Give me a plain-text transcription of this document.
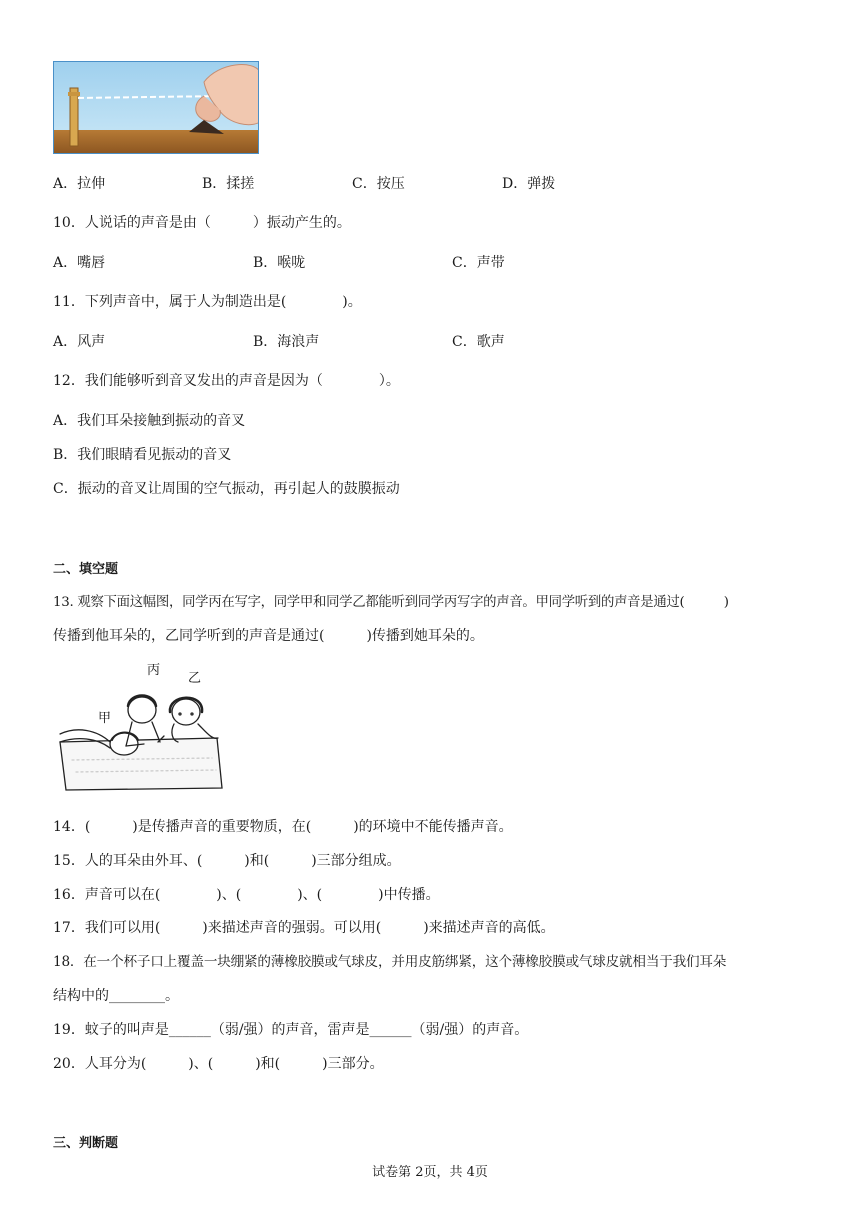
A．拉伸	B．揉搓	C．按压	D．弹拨
10．人说话的声音是由（　　　）振动产生的。
A．嘴唇	B．喉咙	C．声带
11．下列声音中，属于人为制造出是(　　　　)。
A．风声	B．海浪声	C．歌声
12．我们能够听到音叉发出的声音是因为（　　　　）。
A．我们耳朵接触到振动的音叉
B．我们眼睛看见振动的音叉
C．振动的音叉让周围的空气振动，再引起人的鼓膜振动
二、填空题
13. 观察下面这幅图，同学丙在写字，同学甲和同学乙都能听到同学丙写字的声音。甲同学听到的声音是通过(　　　)
传播到他耳朵的，乙同学听到的声音是通过(　　　)传播到她耳朵的。
丙
乙
甲
14．(　　　)是传播声音的重要物质，在(　　　)的环境中不能传播声音。
15．人的耳朵由外耳、(　　　)和(　　　)三部分组成。
16．声音可以在(　　　　)、(　　　　)、(　　　　)中传播。
17．我们可以用(　　　)来描述声音的强弱。可以用(　　　)来描述声音的高低。
18．在一个杯子口上覆盖一块绷紧的薄橡胶膜或气球皮，并用皮筋绑紧，这个薄橡胶膜或气球皮就相当于我们耳朵
结构中的________。
19．蚊子的叫声是______（弱/强）的声音，雷声是______（弱/强）的声音。
20．人耳分为(　　　)、(　　　)和(　　　)三部分。
三、判断题
试卷第 2页，共 4页
